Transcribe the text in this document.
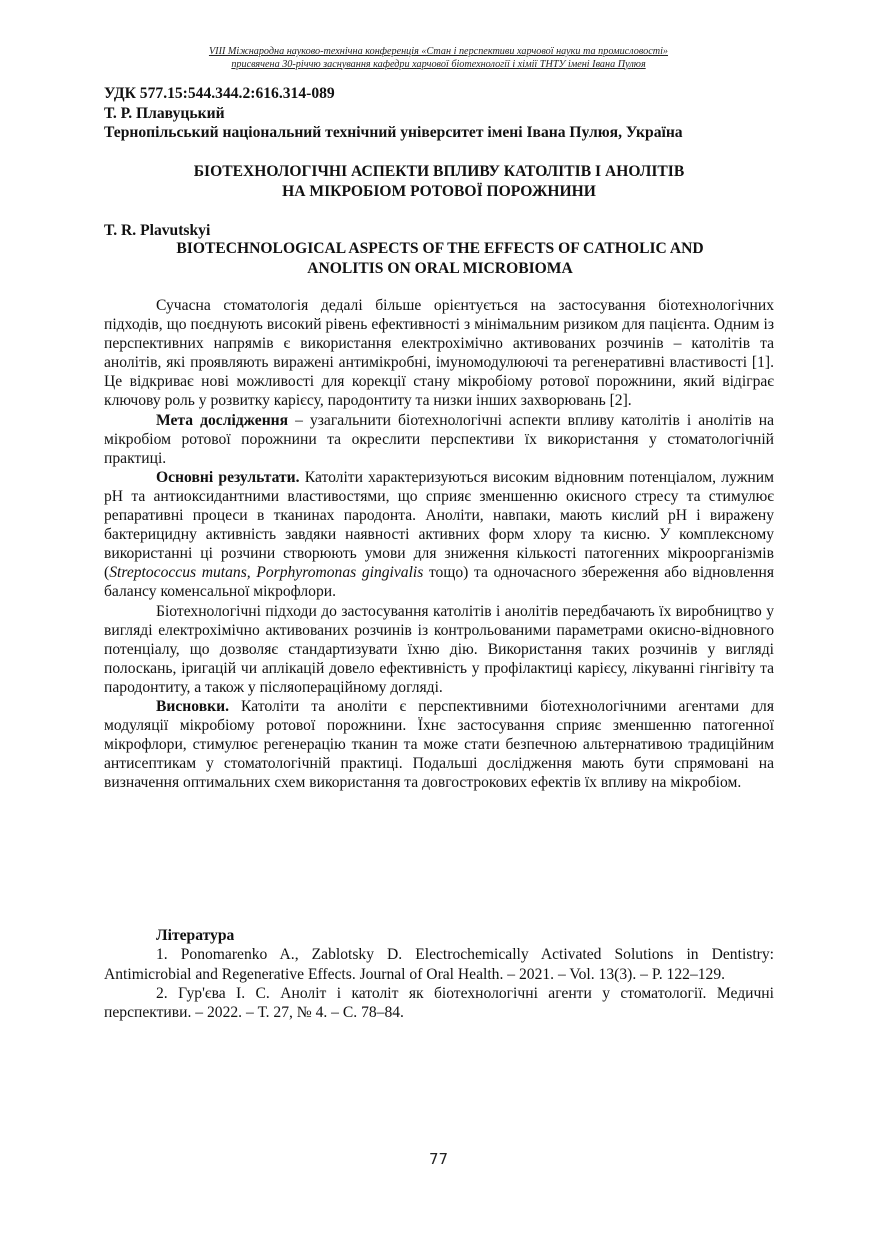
VIII Міжнародна науково-технічна конференція «Стан і перспективи харчової науки та промисловості»
присвячена 30-річчю заснування кафедри харчової біотехнології і хімії ТНТУ імені Івана Пулюя
УДК 577.15:544.344.2:616.314-089
Т. Р. Плавуцький
Тернопільський національний технічний університет імені Івана Пулюя, Україна
БІОТЕХНОЛОГІЧНІ АСПЕКТИ ВПЛИВУ КАТОЛІТІВ І АНОЛІТІВ
НА МІКРОБІОМ РОТОВОЇ ПОРОЖНИНИ
T. R. Plavutskyi
BIOTECHNOLOGICAL ASPECTS OF THE EFFECTS OF CATHOLIC AND
ANOLITIS ON ORAL MICROBIOMA

Сучасна стоматологія дедалі більше орієнтується на застосування біотехнологічних підходів, що поєднують високий рівень ефективності з мінімальним ризиком для пацієнта. Одним із перспективних напрямів є використання електрохімічно активованих розчинів – католітів та анолітів, які проявляють виражені антимікробні, імуномодулюючі та регенеративні властивості [1]. Це відкриває нові можливості для корекції стану мікробіому ротової порожнини, який відіграє ключову роль у розвитку карієсу, пародонтиту та низки інших захворювань [2].

Мета дослідження – узагальнити біотехнологічні аспекти впливу католітів і анолітів на мікробіом ротової порожнини та окреслити перспективи їх використання у стоматологічній практиці.

Основні результати. Католіти характеризуються високим відновним потенціалом, лужним pH та антиоксидантними властивостями, що сприяє зменшенню окисного стресу та стимулює репаративні процеси в тканинах пародонта. Аноліти, навпаки, мають кислий pH і виражену бактерицидну активність завдяки наявності активних форм хлору та кисню. У комплексному використанні ці розчини створюють умови для зниження кількості патогенних мікроорганізмів (Streptococcus mutans, Porphyromonas gingivalis тощо) та одночасного збереження або відновлення балансу коменсальної мікрофлори.

Біотехнологічні підходи до застосування католітів і анолітів передбачають їх виробництво у вигляді електрохімічно активованих розчинів із контрольованими параметрами окисно-відновного потенціалу, що дозволяє стандартизувати їхню дію. Використання таких розчинів у вигляді полоскань, іригацій чи аплікацій довело ефективність у профілактиці карієсу, лікуванні гінгівіту та пародонтиту, а також у післяопераційному догляді.

Висновки. Католіти та аноліти є перспективними біотехнологічними агентами для модуляції мікробіому ротової порожнини. Їхнє застосування сприяє зменшенню патогенної мікрофлори, стимулює регенерацію тканин та може стати безпечною альтернативою традиційним антисептикам у стоматологічній практиці. Подальші дослідження мають бути спрямовані на визначення оптимальних схем використання та довгострокових ефектів їх впливу на мікробіом.

Література

1. Ponomarenko A., Zablotsky D. Electrochemically Activated Solutions in Dentistry: Antimicrobial and Regenerative Effects. Journal of Oral Health. – 2021. – Vol. 13(3). – P. 122–129.

2. Гур'єва І. С. Аноліт і католіт як біотехнологічні агенти у стоматології. Медичні перспективи. – 2022. – Т. 27, № 4. – С. 78–84.

77
